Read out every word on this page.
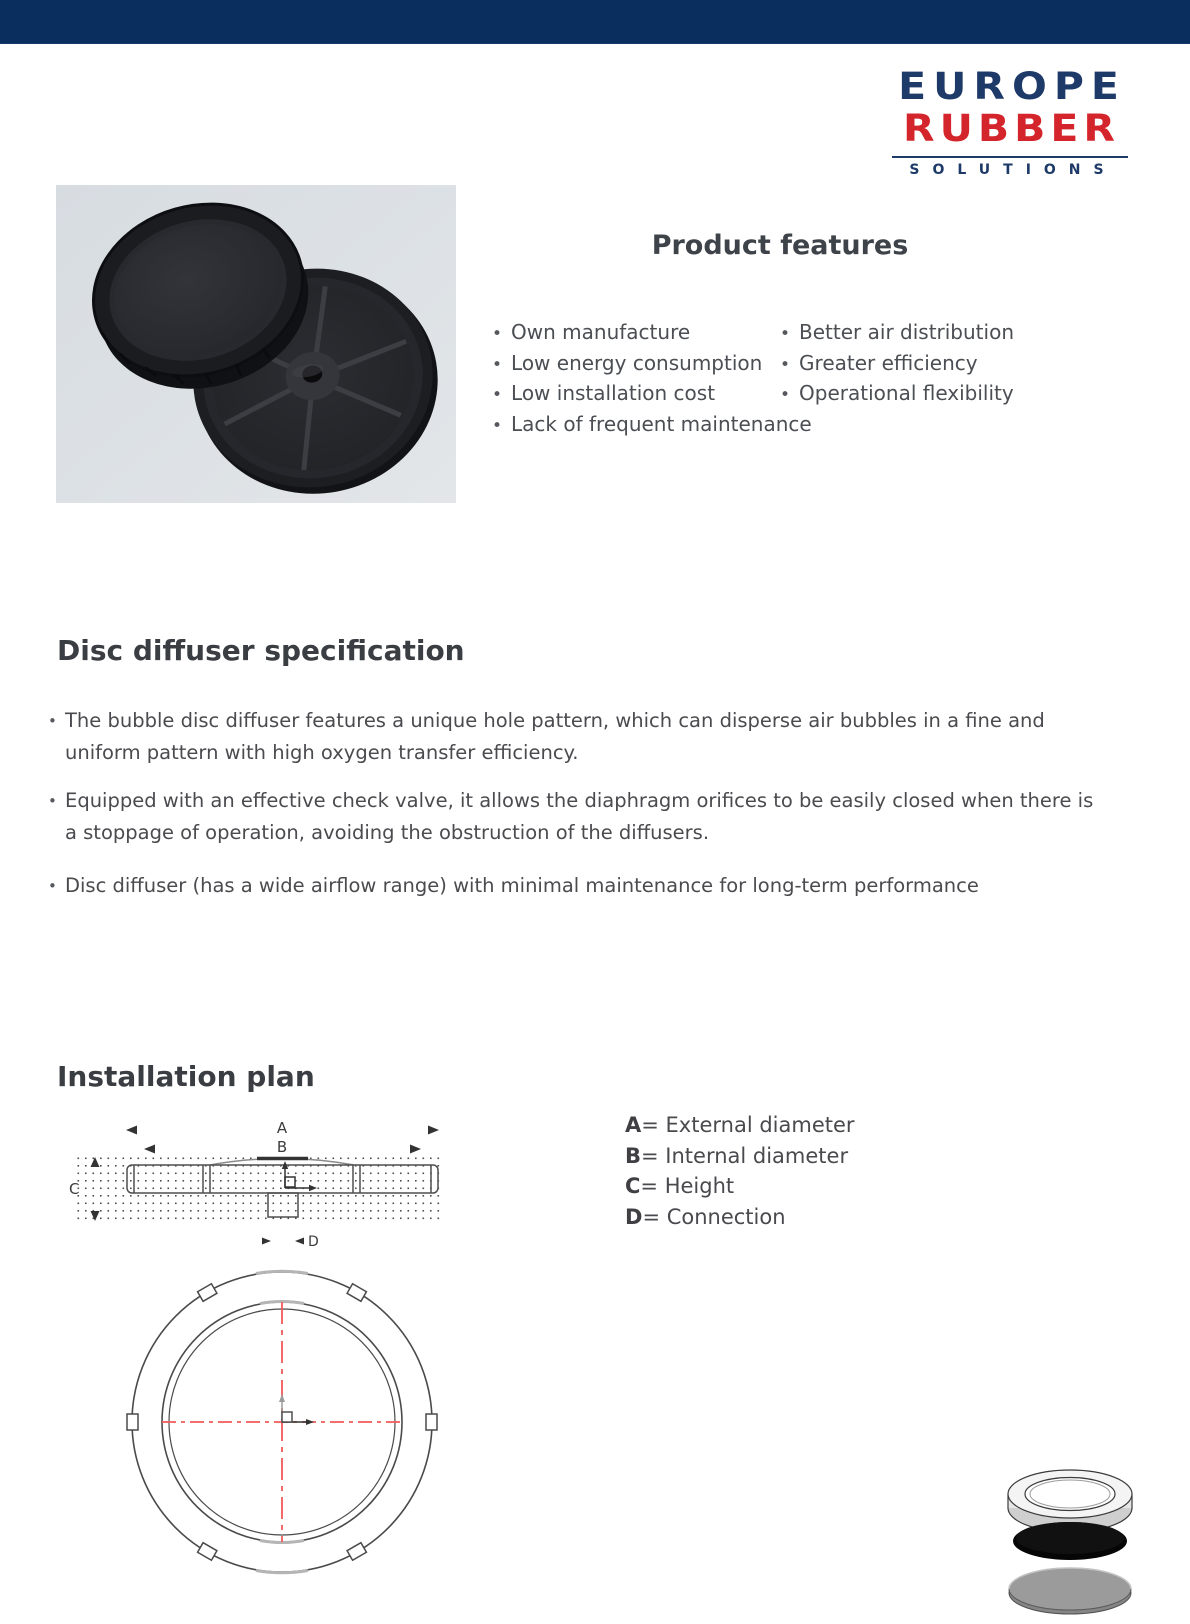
EUROPE
RUBBER
SOLUTIONS
Product features
• Own manufacture
• Low energy consumption
• Low installation cost
• Lack of frequent maintenance
• Better air distribution
• Greater efficiency
• Operational flexibility
Disc diffuser specification

• The bubble disc diffuser features a unique hole pattern, which can disperse air bubbles in a fine and uniform pattern with high oxygen transfer efficiency.

• Equipped with an effective check valve, it allows the diaphragm orifices to be easily closed when there is a stoppage of operation, avoiding the obstruction of the diffusers.

• Disc diffuser (has a wide airflow range) with minimal maintenance for long-term performance

Installation plan
A
B
C
D
A= External diameter
B= Internal diameter
C= Height
D= Connection
